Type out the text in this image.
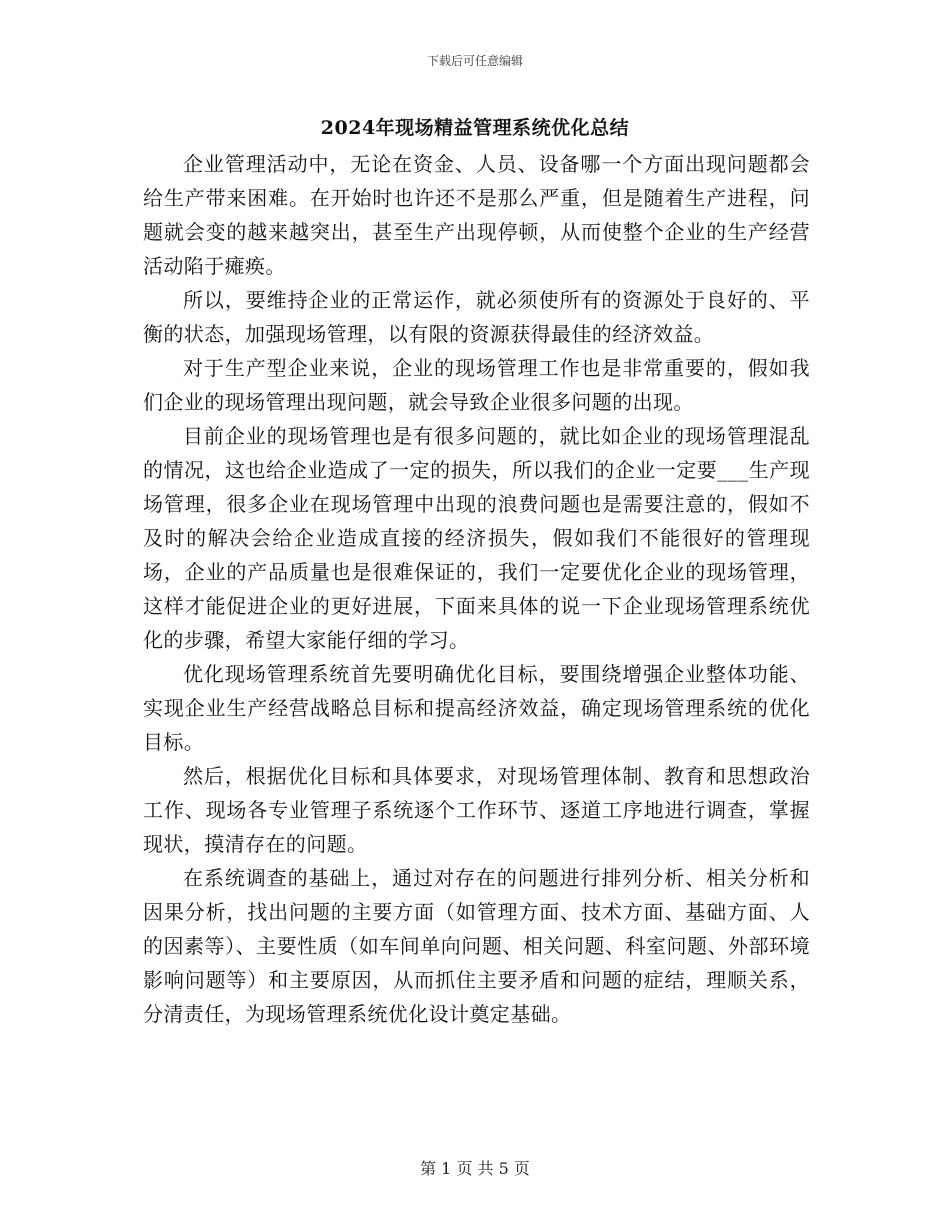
下载后可任意编辑
2024年现场精益管理系统优化总结

企业管理活动中，无论在资金、人员、设备哪一个方面出现问题都会给生产带来困难。在开始时也许还不是那么严重，但是随着生产进程，问题就会变的越来越突出，甚至生产出现停顿，从而使整个企业的生产经营活动陷于瘫痪。

所以，要维持企业的正常运作，就必须使所有的资源处于良好的、平衡的状态，加强现场管理，以有限的资源获得最佳的经济效益。

对于生产型企业来说，企业的现场管理工作也是非常重要的，假如我们企业的现场管理出现问题，就会导致企业很多问题的出现。

目前企业的现场管理也是有很多问题的，就比如企业的现场管理混乱的情况，这也给企业造成了一定的损失，所以我们的企业一定要___生产现场管理，很多企业在现场管理中出现的浪费问题也是需要注意的，假如不及时的解决会给企业造成直接的经济损失，假如我们不能很好的管理现场，企业的产品质量也是很难保证的，我们一定要优化企业的现场管理，这样才能促进企业的更好进展，下面来具体的说一下企业现场管理系统优化的步骤，希望大家能仔细的学习。

优化现场管理系统首先要明确优化目标，要围绕增强企业整体功能、实现企业生产经营战略总目标和提高经济效益，确定现场管理系统的优化目标。

然后，根据优化目标和具体要求，对现场管理体制、教育和思想政治工作、现场各专业管理子系统逐个工作环节、逐道工序地进行调查，掌握现状，摸清存在的问题。

在系统调查的基础上，通过对存在的问题进行排列分析、相关分析和因果分析，找出问题的主要方面（如管理方面、技术方面、基础方面、人的因素等）、主要性质（如车间单向问题、相关问题、科室问题、外部环境影响问题等）和主要原因，从而抓住主要矛盾和问题的症结，理顺关系，分清责任，为现场管理系统优化设计奠定基础。

第 1 页 共 5 页
